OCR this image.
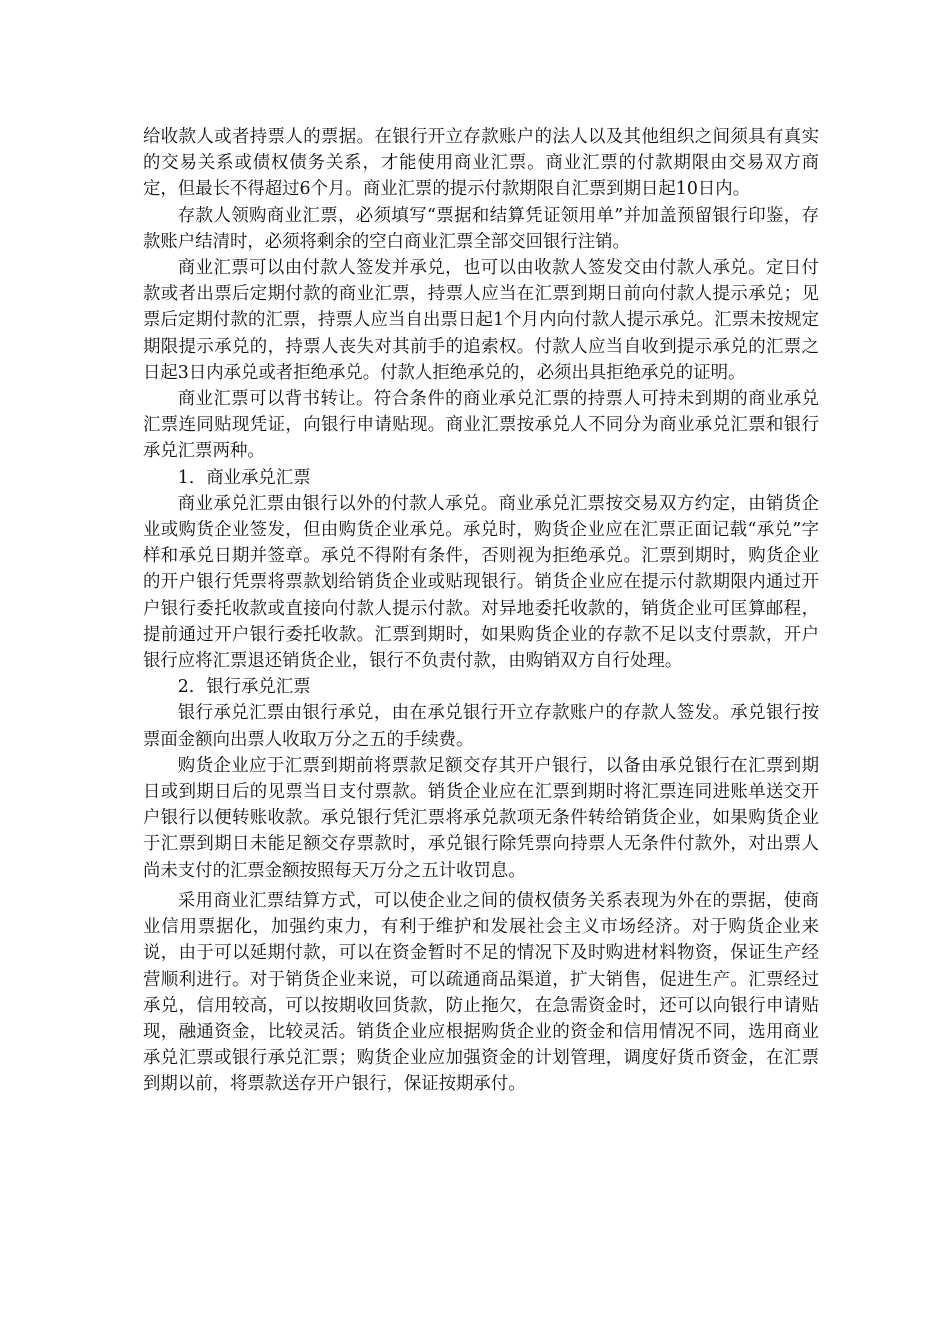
给收款人或者持票人的票据。在银行开立存款账户的法人以及其他组织之间须具有真实的交易关系或债权债务关系，才能使用商业汇票。商业汇票的付款期限由交易双方商定，但最长不得超过6个月。商业汇票的提示付款期限自汇票到期日起10日内。

存款人领购商业汇票，必须填写“票据和结算凭证领用单”并加盖预留银行印鉴，存款账户结清时，必须将剩余的空白商业汇票全部交回银行注销。

商业汇票可以由付款人签发并承兑，也可以由收款人签发交由付款人承兑。定日付款或者出票后定期付款的商业汇票，持票人应当在汇票到期日前向付款人提示承兑；见票后定期付款的汇票，持票人应当自出票日起1个月内向付款人提示承兑。汇票未按规定期限提示承兑的，持票人丧失对其前手的追索权。付款人应当自收到提示承兑的汇票之日起3日内承兑或者拒绝承兑。付款人拒绝承兑的，必须出具拒绝承兑的证明。

商业汇票可以背书转让。符合条件的商业承兑汇票的持票人可持未到期的商业承兑汇票连同贴现凭证，向银行申请贴现。商业汇票按承兑人不同分为商业承兑汇票和银行承兑汇票两种。

1．商业承兑汇票

商业承兑汇票由银行以外的付款人承兑。商业承兑汇票按交易双方约定，由销货企业或购货企业签发，但由购货企业承兑。承兑时，购货企业应在汇票正面记载“承兑”字样和承兑日期并签章。承兑不得附有条件，否则视为拒绝承兑。汇票到期时，购货企业的开户银行凭票将票款划给销货企业或贴现银行。销货企业应在提示付款期限内通过开户银行委托收款或直接向付款人提示付款。对异地委托收款的，销货企业可匡算邮程，提前通过开户银行委托收款。汇票到期时，如果购货企业的存款不足以支付票款，开户银行应将汇票退还销货企业，银行不负责付款，由购销双方自行处理。

2．银行承兑汇票

银行承兑汇票由银行承兑，由在承兑银行开立存款账户的存款人签发。承兑银行按票面金额向出票人收取万分之五的手续费。

购货企业应于汇票到期前将票款足额交存其开户银行，以备由承兑银行在汇票到期日或到期日后的见票当日支付票款。销货企业应在汇票到期时将汇票连同进账单送交开户银行以便转账收款。承兑银行凭汇票将承兑款项无条件转给销货企业，如果购货企业于汇票到期日未能足额交存票款时，承兑银行除凭票向持票人无条件付款外，对出票人尚未支付的汇票金额按照每天万分之五计收罚息。

采用商业汇票结算方式，可以使企业之间的债权债务关系表现为外在的票据，使商业信用票据化，加强约束力，有利于维护和发展社会主义市场经济。对于购货企业来说，由于可以延期付款，可以在资金暂时不足的情况下及时购进材料物资，保证生产经营顺利进行。对于销货企业来说，可以疏通商品渠道，扩大销售，促进生产。汇票经过承兑，信用较高，可以按期收回货款，防止拖欠，在急需资金时，还可以向银行申请贴现，融通资金，比较灵活。销货企业应根据购货企业的资金和信用情况不同，选用商业承兑汇票或银行承兑汇票；购货企业应加强资金的计划管理，调度好货币资金，在汇票到期以前，将票款送存开户银行，保证按期承付。
